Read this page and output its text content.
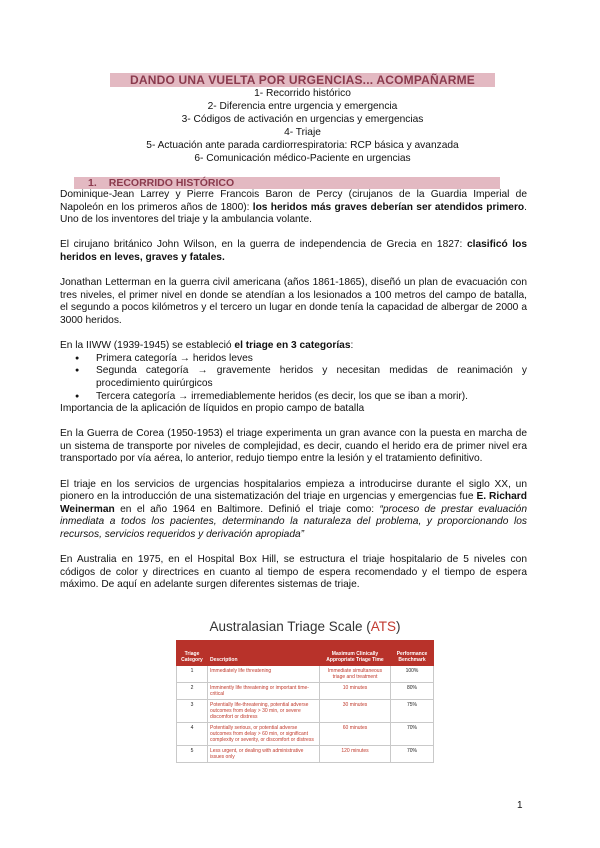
DANDO UNA VUELTA POR URGENCIAS... ACOMPAÑARME
1- Recorrido histórico
2- Diferencia entre urgencia y emergencia
3- Códigos de activación en urgencias y emergencias
4- Triaje
5- Actuación ante parada cardiorrespiratoria: RCP básica y avanzada
6- Comunicación médico-Paciente en urgencias
1. RECORRIDO HISTÓRICO

Dominique-Jean Larrey y Pierre Francois Baron de Percy (cirujanos de la Guardia Imperial de Napoleón en los primeros años de 1800): los heridos más graves deberían ser atendidos primero. Uno de los inventores del triaje y la ambulancia volante.

El cirujano británico John Wilson, en la guerra de independencia de Grecia en 1827: clasificó los heridos en leves, graves y fatales.

Jonathan Letterman en la guerra civil americana (años 1861-1865), diseñó un plan de evacuación con tres niveles, el primer nivel en donde se atendían a los lesionados a 100 metros del campo de batalla, el segundo a pocos kilómetros y el tercero un lugar en donde tenía la capacidad de albergar de 2000 a 3000 heridos.

En la IIWW (1939-1945) se estableció el triage en 3 categorías:

● Primera categoría → heridos leves
● Segunda categoría → gravemente heridos y necesitan medidas de reanimación y procedimiento quirúrgicos
● Tercera categoría → irremediablemente heridos (es decir, los que se iban a morir).

Importancia de la aplicación de líquidos en propio campo de batalla

En la Guerra de Corea (1950-1953) el triage experimenta un gran avance con la puesta en marcha de un sistema de transporte por niveles de complejidad, es decir, cuando el herido era de primer nivel era transportado por vía aérea, lo anterior, redujo tiempo entre la lesión y el tratamiento definitivo.

El triaje en los servicios de urgencias hospitalarios empieza a introducirse durante el siglo XX, un pionero en la introducción de una sistematización del triaje en urgencias y emergencias fue E. Richard Weinerman en el año 1964 en Baltimore. Definió el triaje como: “proceso de prestar evaluación inmediata a todos los pacientes, determinando la naturaleza del problema, y proporcionando los recursos, servicios requeridos y derivación apropiada”

En Australia en 1975, en el Hospital Box Hill, se estructura el triaje hospitalario de 5 niveles con códigos de color y directrices en cuanto al tiempo de espera recomendado y el tiempo de espera máximo. De aquí en adelante surgen diferentes sistemas de triaje.

Australasian Triage Scale (ATS)
Triage Category	Description	Maximum Clinically Appropriate Triage Time	Performance Benchmark
1	Immediately life threatening	Immediate simultaneous triage and treatment	100%
2	Imminently life threatening or important time-critical	10 minutes	80%
3	Potentially life-threatening, potential adverse outcomes from delay > 30 min, or severe discomfort or distress	30 minutes	75%
4	Potentially serious, or potential adverse outcomes from delay > 60 min, or significant complexity or severity, or discomfort or distress	60 minutes	70%
5	Less urgent, or dealing with administrative issues only	120 minutes	70%
1
